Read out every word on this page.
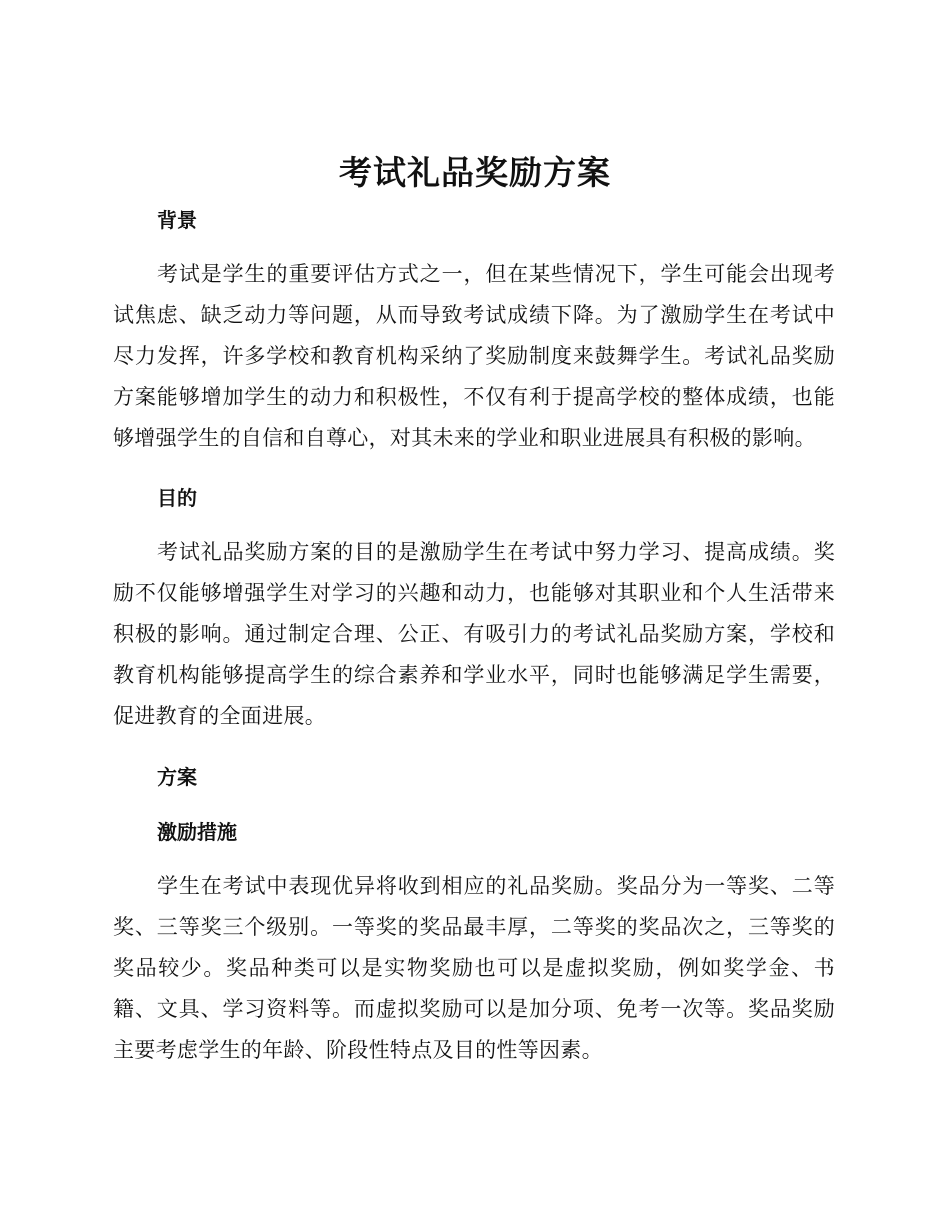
考试礼品奖励方案
背景
考试是学生的重要评估方式之一，但在某些情况下，学生可能会出现考试焦虑、缺乏动力等问题，从而导致考试成绩下降。为了激励学生在考试中尽力发挥，许多学校和教育机构采纳了奖励制度来鼓舞学生。考试礼品奖励方案能够增加学生的动力和积极性，不仅有利于提高学校的整体成绩，也能够增强学生的自信和自尊心，对其未来的学业和职业进展具有积极的影响。
目的
考试礼品奖励方案的目的是激励学生在考试中努力学习、提高成绩。奖励不仅能够增强学生对学习的兴趣和动力，也能够对其职业和个人生活带来积极的影响。通过制定合理、公正、有吸引力的考试礼品奖励方案，学校和教育机构能够提高学生的综合素养和学业水平，同时也能够满足学生需要，促进教育的全面进展。
方案
激励措施
学生在考试中表现优异将收到相应的礼品奖励。奖品分为一等奖、二等奖、三等奖三个级别。一等奖的奖品最丰厚，二等奖的奖品次之，三等奖的奖品较少。奖品种类可以是实物奖励也可以是虚拟奖励，例如奖学金、书籍、文具、学习资料等。而虚拟奖励可以是加分项、免考一次等。奖品奖励主要考虑学生的年龄、阶段性特点及目的性等因素。
